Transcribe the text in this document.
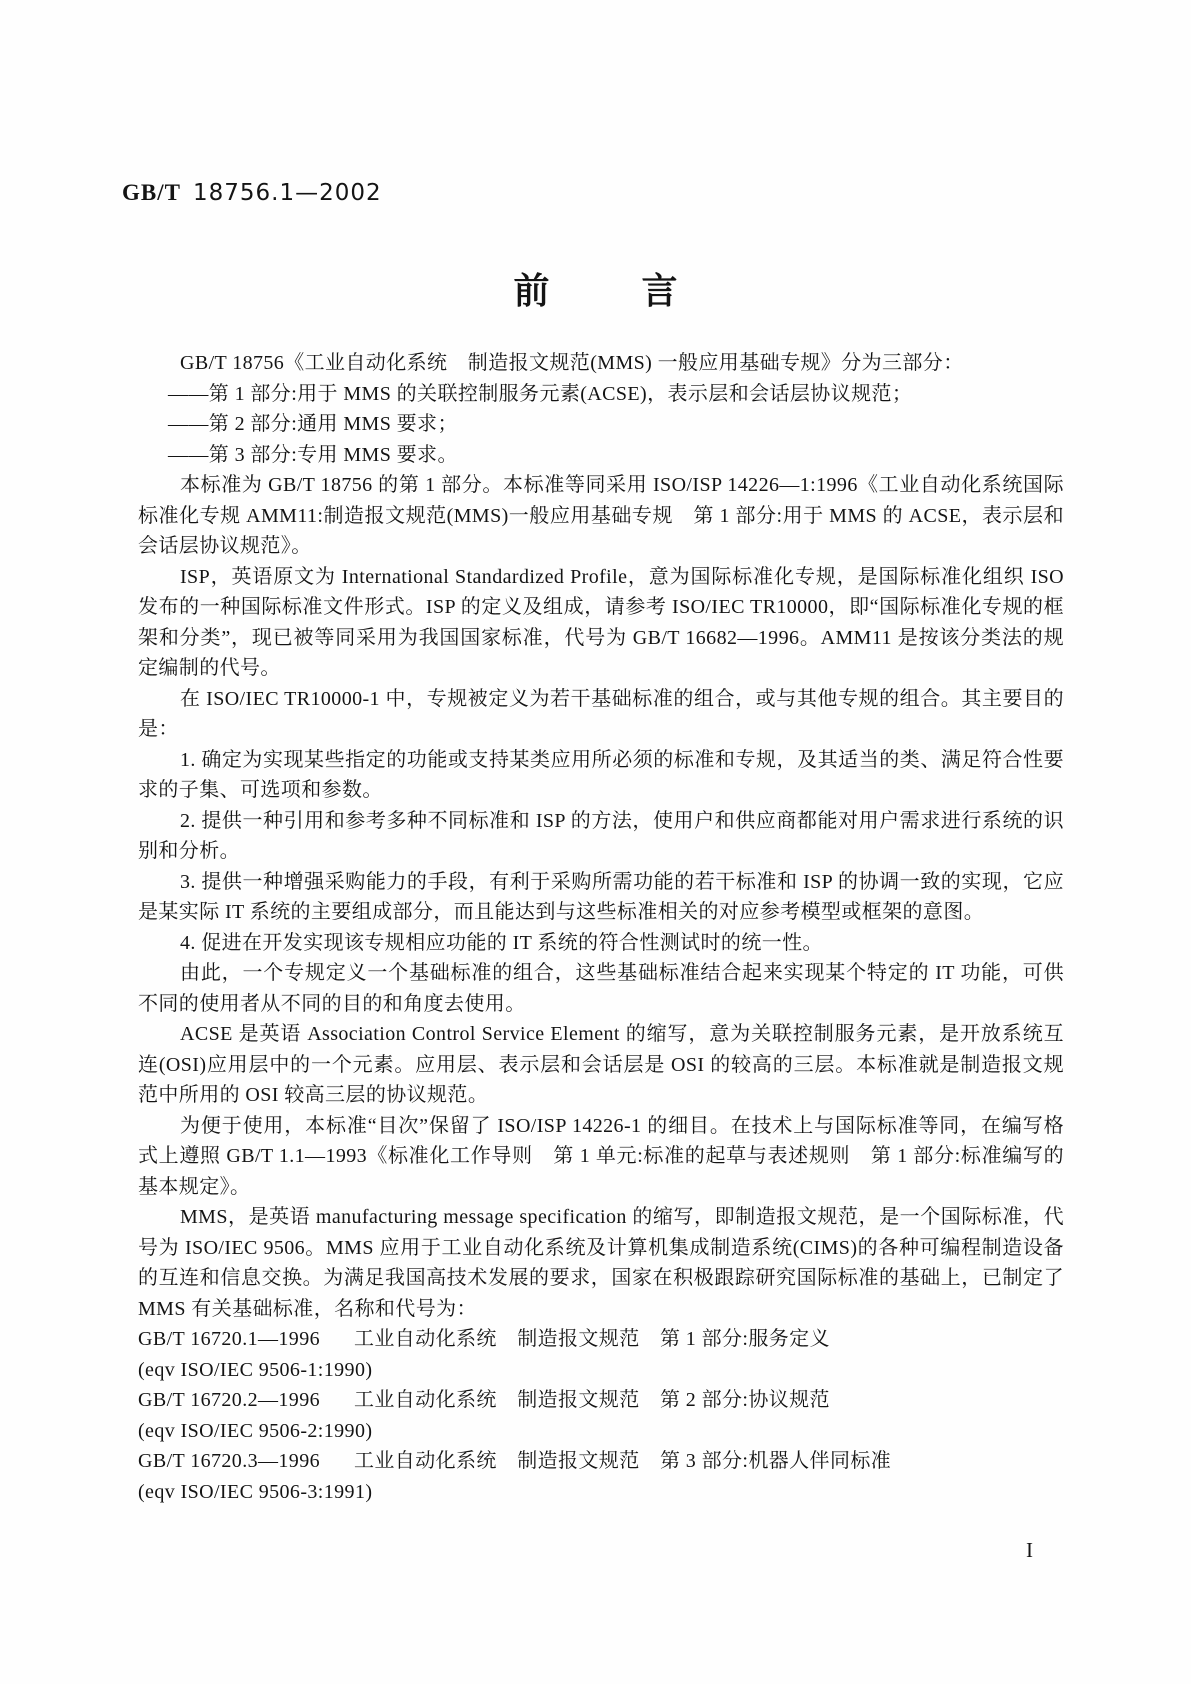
GB/T 18756.1—2002
前	言

GB/T 18756《工业自动化系统　制造报文规范(MMS) 一般应用基础专规》分为三部分：

——第 1 部分:用于 MMS 的关联控制服务元素(ACSE)，表示层和会话层协议规范；

——第 2 部分:通用 MMS 要求；

——第 3 部分:专用 MMS 要求。

本标准为 GB/T 18756 的第 1 部分。本标准等同采用 ISO/ISP 14226—1:1996《工业自动化系统国际标准化专规 AMM11:制造报文规范(MMS)一般应用基础专规　第 1 部分:用于 MMS 的 ACSE，表示层和会话层协议规范》。

ISP，英语原文为 International Standardized Profile，意为国际标准化专规，是国际标准化组织 ISO 发布的一种国际标准文件形式。ISP 的定义及组成，请参考 ISO/IEC TR10000，即“国际标准化专规的框架和分类”，现已被等同采用为我国国家标准，代号为 GB/T 16682—1996。AMM11 是按该分类法的规定编制的代号。

在 ISO/IEC TR10000-1 中，专规被定义为若干基础标准的组合，或与其他专规的组合。其主要目的是：

1. 确定为实现某些指定的功能或支持某类应用所必须的标准和专规，及其适当的类、满足符合性要求的子集、可选项和参数。

2. 提供一种引用和参考多种不同标准和 ISP 的方法，使用户和供应商都能对用户需求进行系统的识别和分析。

3. 提供一种增强采购能力的手段，有利于采购所需功能的若干标准和 ISP 的协调一致的实现，它应是某实际 IT 系统的主要组成部分，而且能达到与这些标准相关的对应参考模型或框架的意图。

4. 促进在开发实现该专规相应功能的 IT 系统的符合性测试时的统一性。

由此，一个专规定义一个基础标准的组合，这些基础标准结合起来实现某个特定的 IT 功能，可供不同的使用者从不同的目的和角度去使用。

ACSE 是英语 Association Control Service Element 的缩写，意为关联控制服务元素，是开放系统互连(OSI)应用层中的一个元素。应用层、表示层和会话层是 OSI 的较高的三层。本标准就是制造报文规范中所用的 OSI 较高三层的协议规范。

为便于使用，本标准“目次”保留了 ISO/ISP 14226-1 的细目。在技术上与国际标准等同，在编写格式上遵照 GB/T 1.1—1993《标准化工作导则　第 1 单元:标准的起草与表述规则　第 1 部分:标准编写的基本规定》。

MMS，是英语 manufacturing message specification 的缩写，即制造报文规范，是一个国际标准，代号为 ISO/IEC 9506。MMS 应用于工业自动化系统及计算机集成制造系统(CIMS)的各种可编程制造设备的互连和信息交换。为满足我国高技术发展的要求，国家在积极跟踪研究国际标准的基础上，已制定了 MMS 有关基础标准，名称和代号为：

GB/T 16720.1—1996	工业自动化系统　制造报文规范　第 1 部分:服务定义

(eqv ISO/IEC 9506-1:1990)

GB/T 16720.2—1996	工业自动化系统　制造报文规范　第 2 部分:协议规范

(eqv ISO/IEC 9506-2:1990)

GB/T 16720.3—1996	工业自动化系统　制造报文规范　第 3 部分:机器人伴同标准

(eqv ISO/IEC 9506-3:1991)

I
